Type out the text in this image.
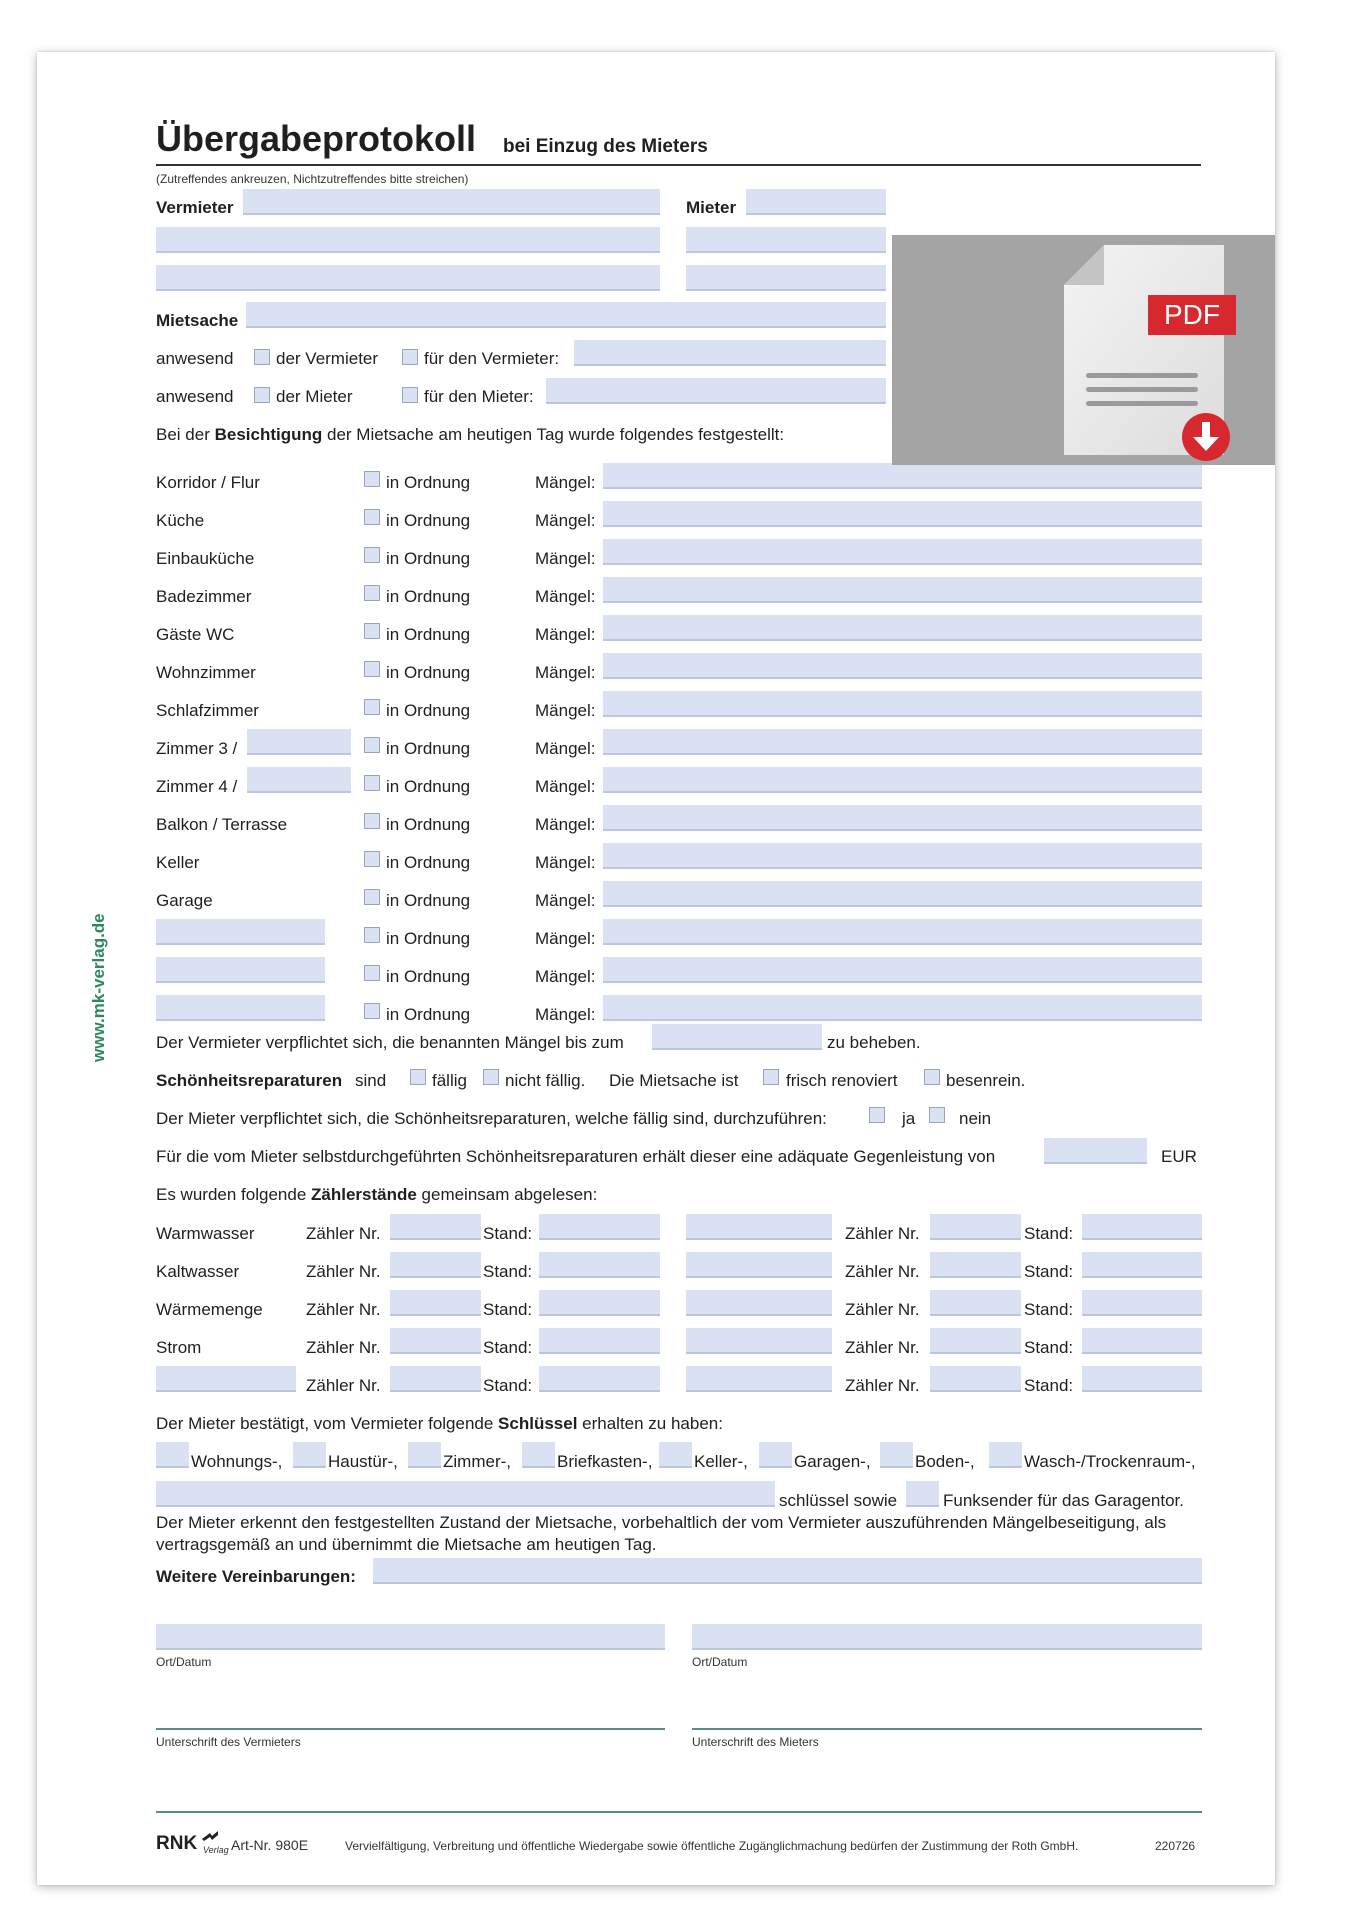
Übergabeprotokoll bei Einzug des Mieters
(Zutreffendes ankreuzen, Nichtzutreffendes bitte streichen)
Vermieter	Mieter
Mietsache
anwesend der Vermieter	für den Vermieter:
anwesend der Mieter	für den Mieter:
Bei der Besichtigung der Mietsache am heutigen Tag wurde folgendes festgestellt:
Korridor / Flur	in Ordnung	Mängel:
Küche	in Ordnung	Mängel:
Einbauküche	in Ordnung	Mängel:
Badezimmer	in Ordnung	Mängel:
Gäste WC	in Ordnung	Mängel:
Wohnzimmer	in Ordnung	Mängel:
Schlafzimmer	in Ordnung	Mängel:
Zimmer 3 /	in Ordnung	Mängel:
Zimmer 4 /	in Ordnung	Mängel:
Balkon / Terrasse	in Ordnung	Mängel:
Keller	in Ordnung	Mängel:
Garage	in Ordnung	Mängel:
in Ordnung	Mängel:
in Ordnung	Mängel:
in Ordnung	Mängel:
Der Vermieter verpflichtet sich, die benannten Mängel bis zum	zu beheben.
Schönheitsreparaturen sind	fällig nicht fällig. Die Mietsache ist	frisch renoviert	besenrein.
Der Mieter verpflichtet sich, die Schönheitsreparaturen, welche fällig sind, durchzuführen:	ja	nein
Für die vom Mieter selbstdurchgeführten Schönheitsreparaturen erhält dieser eine adäquate Gegenleistung von	EUR
Es wurden folgende Zählerstände gemeinsam abgelesen:
Warmwasser	Zähler Nr.	Stand:	Zähler Nr.	Stand:
Kaltwasser	Zähler Nr.	Stand:	Zähler Nr.	Stand:
Wärmemenge	Zähler Nr.	Stand:	Zähler Nr.	Stand:
Strom	Zähler Nr.	Stand:	Zähler Nr.	Stand:
Zähler Nr.	Stand:	Zähler Nr.	Stand:
Der Mieter bestätigt, vom Vermieter folgende Schlüssel erhalten zu haben:
Wohnungs-,	Haustür-,	Zimmer-,	Briefkasten-, Keller-,	Garagen-,	Boden-,	Wasch-/Trockenraum-,
schlüssel sowie	Funksender für das Garagentor.
Der Mieter erkennt den festgestellten Zustand der Mietsache, vorbehaltlich der vom Vermieter auszuführenden Mängelbeseitigung, als vertragsgemäß an und übernimmt die Mietsache am heutigen Tag.
Weitere Vereinbarungen:
Ort/Datum	Ort/Datum
Unterschrift des Vermieters	Unterschrift des Mieters
RNK Verlag Art-Nr. 980E	Vervielfältigung, Verbreitung und öffentliche Wiedergabe sowie öffentliche Zugänglichmachung bedürfen der Zustimmung der Roth GmbH.	220726
www.mk-verlag.de
PDF
